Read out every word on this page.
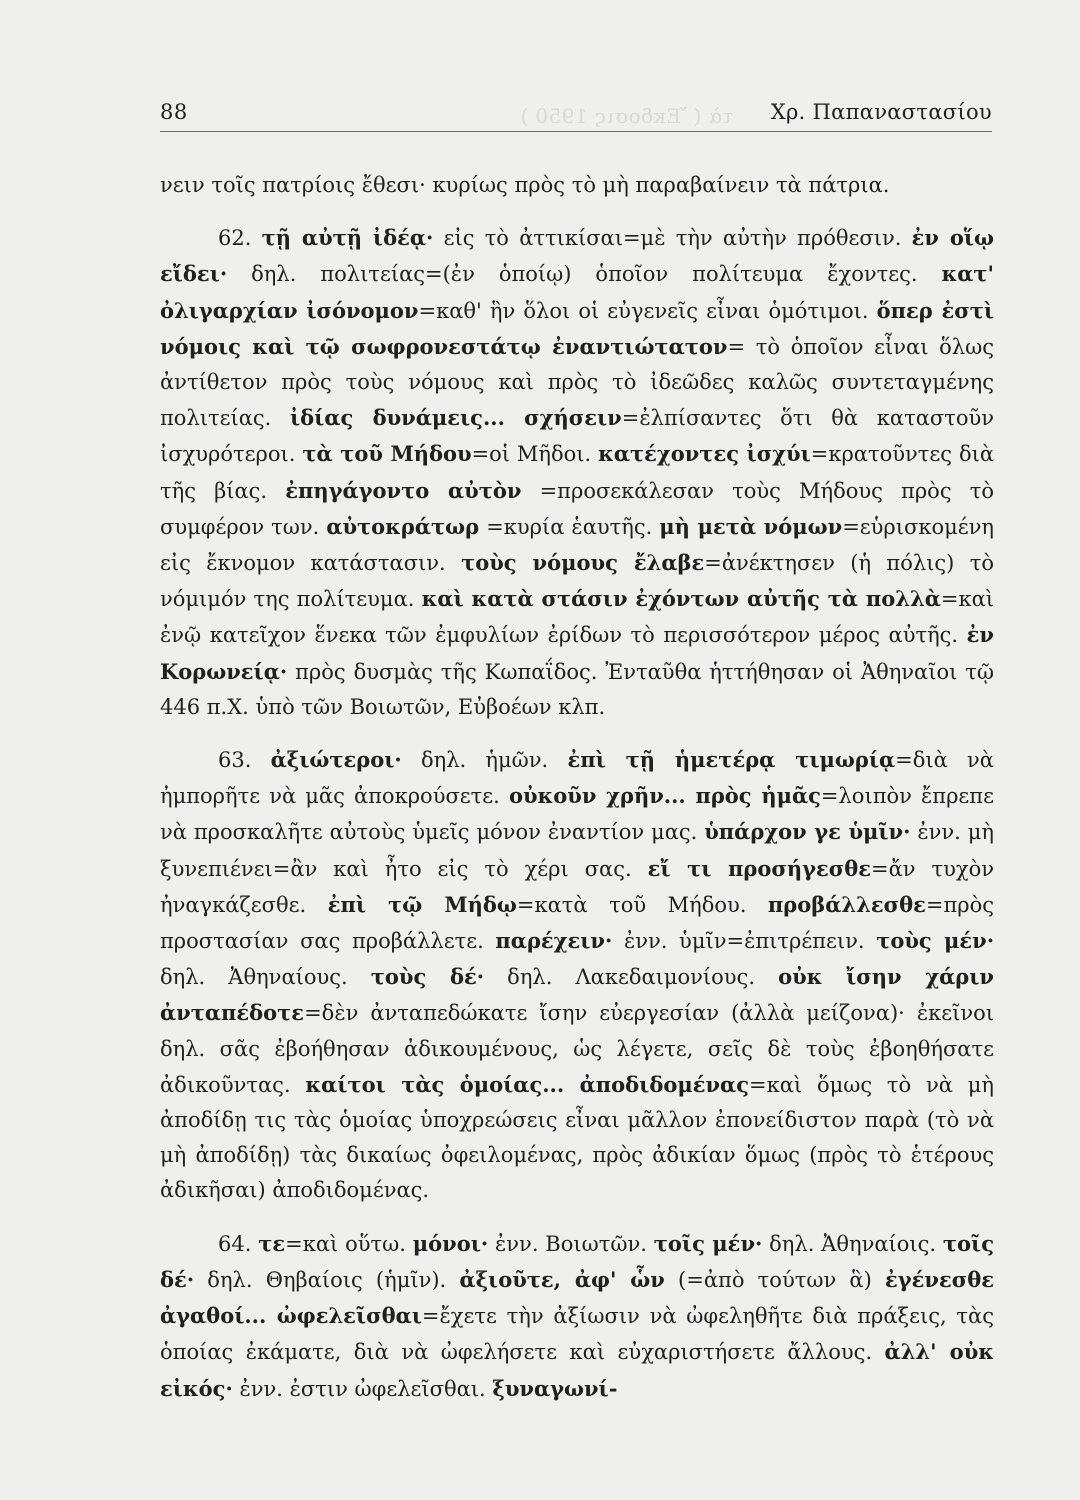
τὰ ( Ἔκδοσις 1950 )
88	Χρ. Παπαναστασίου

νειν τοῖς πατρίοις ἔθεσι· κυρίως πρὸς τὸ μὴ παραβαίνειν τὰ πάτρια.

62. τῇ αὐτῇ ἰδέᾳ· εἰς τὸ ἀττικίσαι=μὲ τὴν αὐτὴν πρόθεσιν. ἐν οἵῳ εἴδει· δηλ. πολιτείας=(ἐν ὁποίῳ) ὁποῖον πολίτευμα ἔχοντες. κατ' ὀλιγαρχίαν ἰσόνομον=καθ' ἣν ὅλοι οἱ εὐγενεῖς εἶναι ὁμότιμοι. ὅπερ ἐστὶ νόμοις καὶ τῷ σωφρονεστάτῳ ἐναντιώτατον= τὸ ὁποῖον εἶναι ὅλως ἀντίθετον πρὸς τοὺς νόμους καὶ πρὸς τὸ ἰδεῶδες καλῶς συντεταγμένης πολιτείας. ἰδίας δυνάμεις... σχήσειν=ἐλπίσαντες ὅτι θὰ καταστοῦν ἰσχυρότεροι. τὰ τοῦ Μήδου=οἱ Μῆδοι. κατέχοντες ἰσχύι=κρατοῦντες διὰ τῆς βίας. ἐπηγάγοντο αὐτὸν =προσεκάλεσαν τοὺς Μήδους πρὸς τὸ συμφέρον των. αὐτοκράτωρ =κυρία ἑαυτῆς. μὴ μετὰ νόμων=εὑρισκομένη εἰς ἔκνομον κατάστασιν. τοὺς νόμους ἔλαβε=ἀνέκτησεν (ἡ πόλις) τὸ νόμιμόν της πολίτευμα. καὶ κατὰ στάσιν ἐχόντων αὐτῆς τὰ πολλὰ=καὶ ἐνῷ κατεῖχον ἕνεκα τῶν ἐμφυλίων ἐρίδων τὸ περισσότερον μέρος αὐτῆς. ἐν Κορωνείᾳ· πρὸς δυσμὰς τῆς Κωπαΐδος. Ἐνταῦθα ἡττήθησαν οἱ Ἀθηναῖοι τῷ 446 π.Χ. ὑπὸ τῶν Βοιωτῶν, Εὐβοέων κλπ.

63. ἀξιώτεροι· δηλ. ἡμῶν. ἐπὶ τῇ ἡμετέρᾳ τιμωρίᾳ=διὰ νὰ ἠμπορῆτε νὰ μᾶς ἀποκρούσετε. οὐκοῦν χρῆν... πρὸς ἡμᾶς=λοιπὸν ἔπρεπε νὰ προσκαλῆτε αὐτοὺς ὑμεῖς μόνον ἐναντίον μας. ὑπάρχον γε ὑμῖν· ἐνν. μὴ ξυνεπιένει=ἂν καὶ ἦτο εἰς τὸ χέρι σας. εἴ τι προσήγεσθε=ἄν τυχὸν ἠναγκάζεσθε. ἐπὶ τῷ Μήδῳ=κατὰ τοῦ Μήδου. προβάλλεσθε=πρὸς προστασίαν σας προβάλλετε. παρέχειν· ἐνν. ὑμῖν=ἐπιτρέπειν. τοὺς μέν· δηλ. Ἀθηναίους. τοὺς δέ· δηλ. Λακεδαιμονίους. οὐκ ἴσην χάριν ἀνταπέδοτε=δὲν ἀνταπεδώκατε ἴσην εὐεργεσίαν (ἀλλὰ μείζονα)· ἐκεῖνοι δηλ. σᾶς ἐβοήθησαν ἀδικουμένους, ὡς λέγετε, σεῖς δὲ τοὺς ἐβοηθήσατε ἀδικοῦντας. καίτοι τὰς ὁμοίας... ἀποδιδομένας=καὶ ὅμως τὸ νὰ μὴ ἀποδίδῃ τις τὰς ὁμοίας ὑποχρεώσεις εἶναι μᾶλλον ἐπονείδιστον παρὰ (τὸ νὰ μὴ ἀποδίδῃ) τὰς δικαίως ὀφειλομένας, πρὸς ἀδικίαν ὅμως (πρὸς τὸ ἑτέρους ἀδικῆσαι) ἀποδιδομένας.

64. τε=καὶ οὕτω. μόνοι· ἐνν. Βοιωτῶν. τοῖς μέν· δηλ. Ἀθηναίοις. τοῖς δέ· δηλ. Θηβαίοις (ἡμῖν). ἀξιοῦτε, ἀφ' ὧν (=ἀπὸ τούτων ἃ) ἐγένεσθε ἀγαθοί... ὠφελεῖσθαι=ἔχετε τὴν ἀξίωσιν νὰ ὠφεληθῆτε διὰ πράξεις, τὰς ὁποίας ἐκάματε, διὰ νὰ ὠφελήσετε καὶ εὐχαριστήσετε ἄλλους. ἀλλ' οὐκ εἰκός· ἐνν. ἐστιν ὠφελεῖσθαι. ξυναγωνί-
